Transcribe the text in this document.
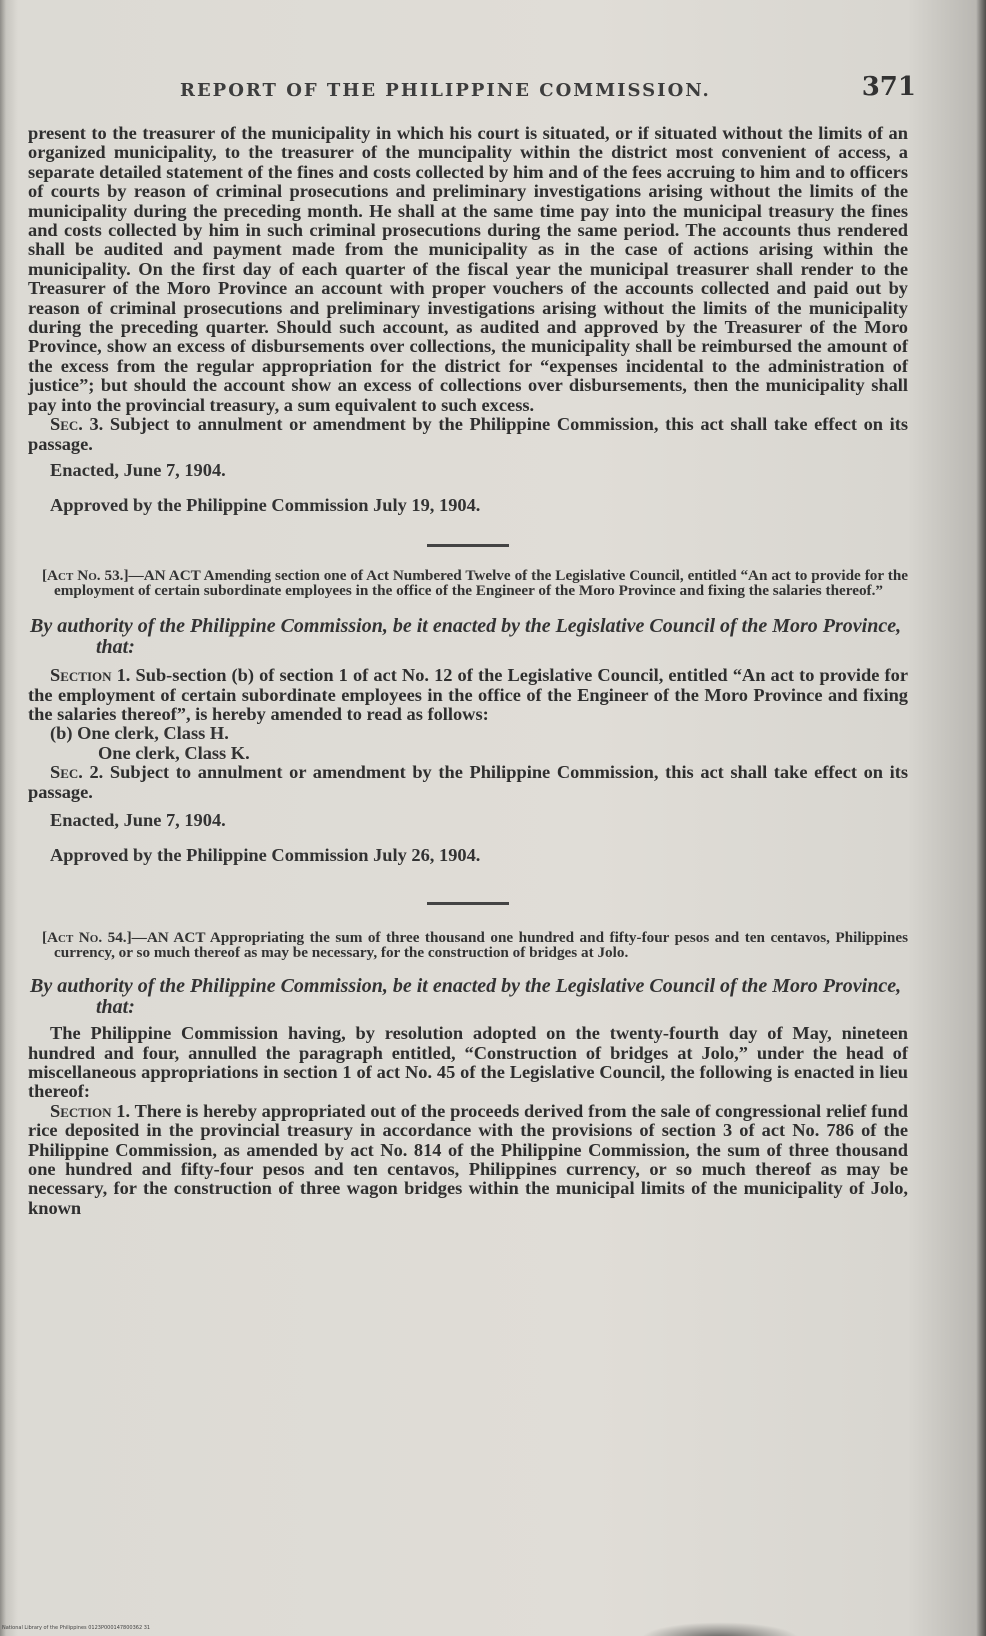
REPORT OF THE PHILIPPINE COMMISSION.	371

present to the treasurer of the municipality in which his court is situated, or if situated without the limits of an organized municipality, to the treasurer of the muncipality within the district most convenient of access, a separate detailed statement of the fines and costs collected by him and of the fees accruing to him and to officers of courts by reason of criminal prosecutions and preliminary investigations arising without the limits of the municipality during the preceding month. He shall at the same time pay into the municipal treasury the fines and costs collected by him in such criminal prosecutions during the same period. The accounts thus rendered shall be audited and payment made from the municipality as in the case of actions arising within the municipality. On the first day of each quarter of the fiscal year the municipal treasurer shall render to the Treasurer of the Moro Province an account with proper vouchers of the accounts collected and paid out by reason of criminal prosecutions and preliminary investigations arising without the limits of the municipality during the preceding quarter. Should such account, as audited and approved by the Treasurer of the Moro Province, show an excess of disbursements over collections, the municipality shall be reimbursed the amount of the excess from the regular appropriation for the district for “expenses incidental to the administration of justice”; but should the account show an excess of collections over disbursements, then the municipality shall pay into the provincial treasury, a sum equivalent to such excess.

Sec. 3. Subject to annulment or amendment by the Philippine Commission, this act shall take effect on its passage.

Enacted, June 7, 1904.

Approved by the Philippine Commission July 19, 1904.

[Act No. 53.]—AN ACT Amending section one of Act Numbered Twelve of the Legislative Council, entitled “An act to provide for the employment of certain subordinate employees in the office of the Engineer of the Moro Province and fixing the salaries thereof.”

By authority of the Philippine Commission, be it enacted by the Legislative Council of the Moro Province, that:

Section 1. Sub-section (b) of section 1 of act No. 12 of the Legislative Council, entitled “An act to provide for the employment of certain subordinate employees in the office of the Engineer of the Moro Province and fixing the salaries thereof”, is hereby amended to read as follows:

(b) One clerk, Class H.

One clerk, Class K.

Sec. 2. Subject to annulment or amendment by the Philippine Commission, this act shall take effect on its passage.

Enacted, June 7, 1904.

Approved by the Philippine Commission July 26, 1904.

[Act No. 54.]—AN ACT Appropriating the sum of three thousand one hundred and fifty-four pesos and ten centavos, Philippines currency, or so much thereof as may be necessary, for the construction of bridges at Jolo.

By authority of the Philippine Commission, be it enacted by the Legislative Council of the Moro Province, that:

The Philippine Commission having, by resolution adopted on the twenty-fourth day of May, nineteen hundred and four, annulled the paragraph entitled, “Construction of bridges at Jolo,” under the head of miscellaneous appropriations in section 1 of act No. 45 of the Legislative Council, the following is enacted in lieu thereof:

Section 1. There is hereby appropriated out of the proceeds derived from the sale of congressional relief fund rice deposited in the provincial treasury in accordance with the provisions of section 3 of act No. 786 of the Philippine Commission, as amended by act No. 814 of the Philippine Commission, the sum of three thousand one hundred and fifty-four pesos and ten centavos, Philippines currency, or so much thereof as may be necessary, for the construction of three wagon bridges within the municipal limits of the municipality of Jolo, known

National Library of the Philippines 0123P000147800362 31
